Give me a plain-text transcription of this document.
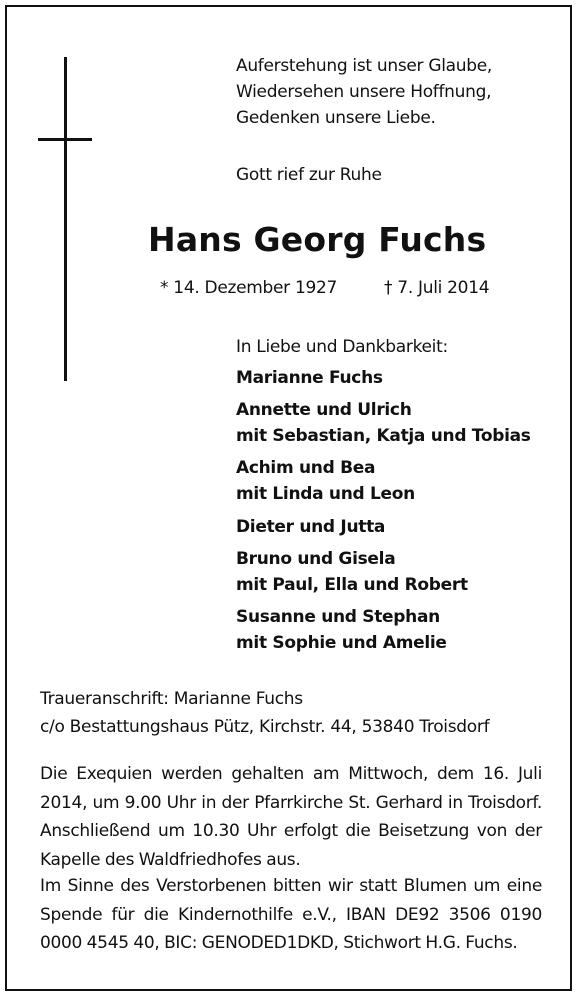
Auferstehung ist unser Glaube,
Wiedersehen unsere Hoffnung,
Gedenken unsere Liebe.
Gott rief zur Ruhe
Hans Georg Fuchs
* 14. Dezember 1927	† 7. Juli 2014
In Liebe und Dankbarkeit:
Marianne Fuchs
Annette und Ulrich
mit Sebastian, Katja und Tobias
Achim und Bea
mit Linda und Leon
Dieter und Jutta
Bruno und Gisela
mit Paul, Ella und Robert
Susanne und Stephan
mit Sophie und Amelie
Traueranschrift: Marianne Fuchs
c/o Bestattungshaus Pütz, Kirchstr. 44, 53840 Troisdorf
Die Exequien werden gehalten am Mittwoch, dem 16. Juli 2014, um 9.00 Uhr in der Pfarrkirche St. Gerhard in Troisdorf. Anschließend um 10.30 Uhr erfolgt die Beisetzung von der Kapelle des Waldfriedhofes aus.
Im Sinne des Verstorbenen bitten wir statt Blumen um eine Spende für die Kindernothilfe e.V., IBAN DE92 3506 0190 0000 4545 40, BIC: GENODED1DKD, Stichwort H.G. Fuchs.
